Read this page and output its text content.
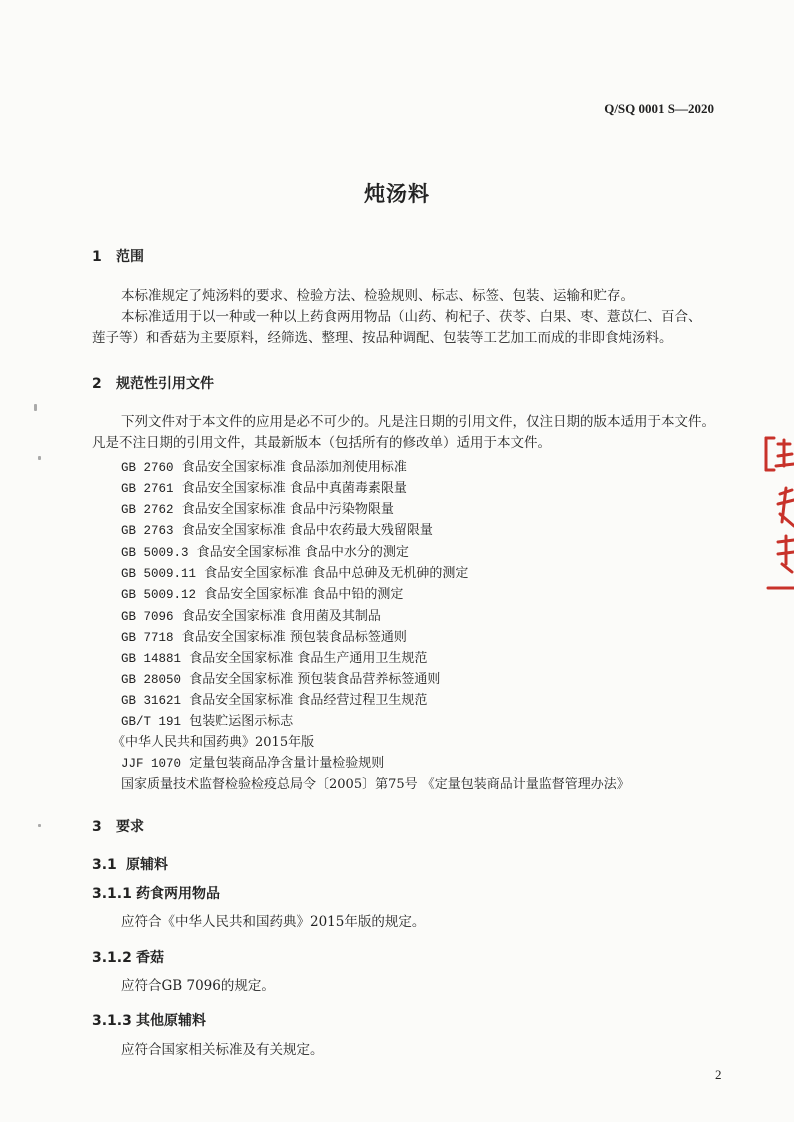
Q/SQ 0001 S—2020
炖汤料
1 范围
本标准规定了炖汤料的要求、检验方法、检验规则、标志、标签、包装、运输和贮存。
本标准适用于以一种或一种以上药食两用物品（山药、枸杞子、茯苓、白果、枣、薏苡仁、百合、
莲子等）和香菇为主要原料，经筛选、整理、按品种调配、包装等工艺加工而成的非即食炖汤料。
2 规范性引用文件
下列文件对于本文件的应用是必不可少的。凡是注日期的引用文件，仅注日期的版本适用于本文件。
凡是不注日期的引用文件，其最新版本（包括所有的修改单）适用于本文件。
GB 2760 食品安全国家标准 食品添加剂使用标准
GB 2761 食品安全国家标准 食品中真菌毒素限量
GB 2762 食品安全国家标准 食品中污染物限量
GB 2763 食品安全国家标准 食品中农药最大残留限量
GB 5009.3 食品安全国家标准 食品中水分的测定
GB 5009.11 食品安全国家标准 食品中总砷及无机砷的测定
GB 5009.12 食品安全国家标准 食品中铅的测定
GB 7096 食品安全国家标准 食用菌及其制品
GB 7718 食品安全国家标准 预包装食品标签通则
GB 14881 食品安全国家标准 食品生产通用卫生规范
GB 28050 食品安全国家标准 预包装食品营养标签通则
GB 31621 食品安全国家标准 食品经营过程卫生规范
GB/T 191 包装贮运图示标志
《中华人民共和国药典》2015年版
JJF 1070 定量包装商品净含量计量检验规则
国家质量技术监督检验检疫总局令〔2005〕第75号 《定量包装商品计量监督管理办法》
3 要求
3.1 原辅料
3.1.1 药食两用物品
应符合《中华人民共和国药典》2015年版的规定。
3.1.2 香菇
应符合GB 7096的规定。
3.1.3 其他原辅料
应符合国家相关标准及有关规定。
2
